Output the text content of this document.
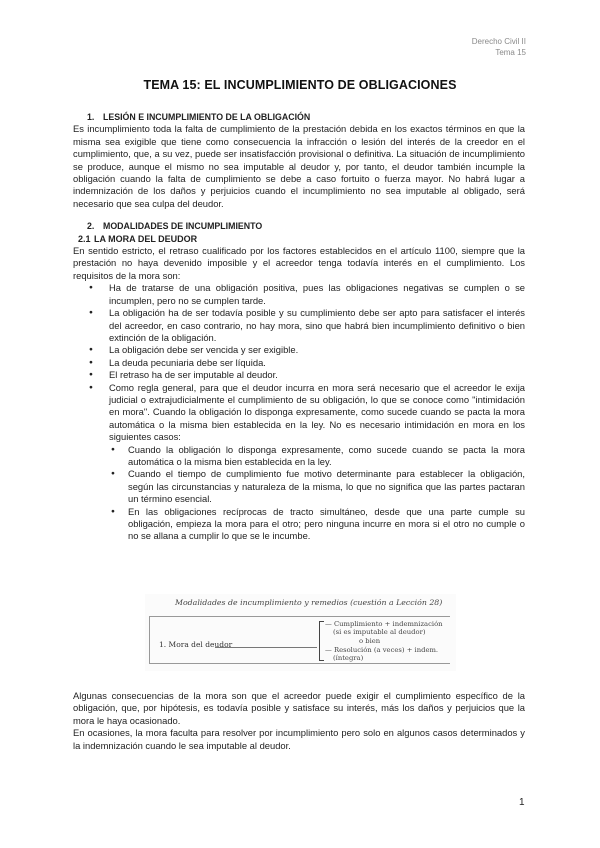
Derecho Civil II
Tema 15
TEMA 15: EL INCUMPLIMIENTO DE OBLIGACIONES
1. LESIÓN E INCUMPLIMIENTO DE LA OBLIGACIÓN

Es incumplimiento toda la falta de cumplimiento de la prestación debida en los exactos términos en que la misma sea exigible que tiene como consecuencia la infracción o lesión del interés de la creedor en el cumplimiento, que, a su vez, puede ser insatisfacción provisional o definitiva. La situación de incumplimiento se produce, aunque el mismo no sea imputable al deudor y, por tanto, el deudor también incumple la obligación cuando la falta de cumplimiento se debe a caso fortuito o fuerza mayor. No habrá lugar a indemnización de los daños y perjuicios cuando el incumplimiento no sea imputable al obligado, será necesario que sea culpa del deudor.

2. MODALIDADES DE INCUMPLIMIENTO
2.1 LA MORA DEL DEUDOR

En sentido estricto, el retraso cualificado por los factores establecidos en el artículo 1100, siempre que la prestación no haya devenido imposible y el acreedor tenga todavía interés en el cumplimiento. Los requisitos de la mora son:

● Ha de tratarse de una obligación positiva, pues las obligaciones negativas se cumplen o se incumplen, pero no se cumplen tarde.
● La obligación ha de ser todavía posible y su cumplimiento debe ser apto para satisfacer el interés del acreedor, en caso contrario, no hay mora, sino que habrá bien incumplimiento definitivo o bien extinción de la obligación.
● La obligación debe ser vencida y ser exigible.
● La deuda pecuniaria debe ser líquida.
● El retraso ha de ser imputable al deudor.
● Como regla general, para que el deudor incurra en mora será necesario que el acreedor le exija judicial o extrajudicialmente el cumplimiento de su obligación, lo que se conoce como "intimidación en mora". Cuando la obligación lo disponga expresamente, como sucede cuando se pacta la mora automática o la misma bien establecida en la ley. No es necesario intimidación en mora en los siguientes casos:
● Cuando la obligación lo disponga expresamente, como sucede cuando se pacta la mora automática o la misma bien establecida en la ley.
● Cuando el tiempo de cumplimiento fue motivo determinante para establecer la obligación, según las circunstancias y naturaleza de la misma, lo que no significa que las partes pactaran un término esencial.
● En las obligaciones recíprocas de tracto simultáneo, desde que una parte cumple su obligación, empieza la mora para el otro; pero ninguna incurre en mora si el otro no cumple o no se allana a cumplir lo que se le incumbe.
Modalidades de incumplimiento y remedios (cuestión a Lección 28)
1. Mora del deudor
— Cumplimiento + indemnización
(si es imputable al deudor)
o bien
— Resolución (a veces) + indem.
(íntegra)

Algunas consecuencias de la mora son que el acreedor puede exigir el cumplimiento específico de la obligación, que, por hipótesis, es todavía posible y satisface su interés, más los daños y perjuicios que la mora le haya ocasionado.

En ocasiones, la mora faculta para resolver por incumplimiento pero solo en algunos casos determinados y la indemnización cuando le sea imputable al deudor.

1
